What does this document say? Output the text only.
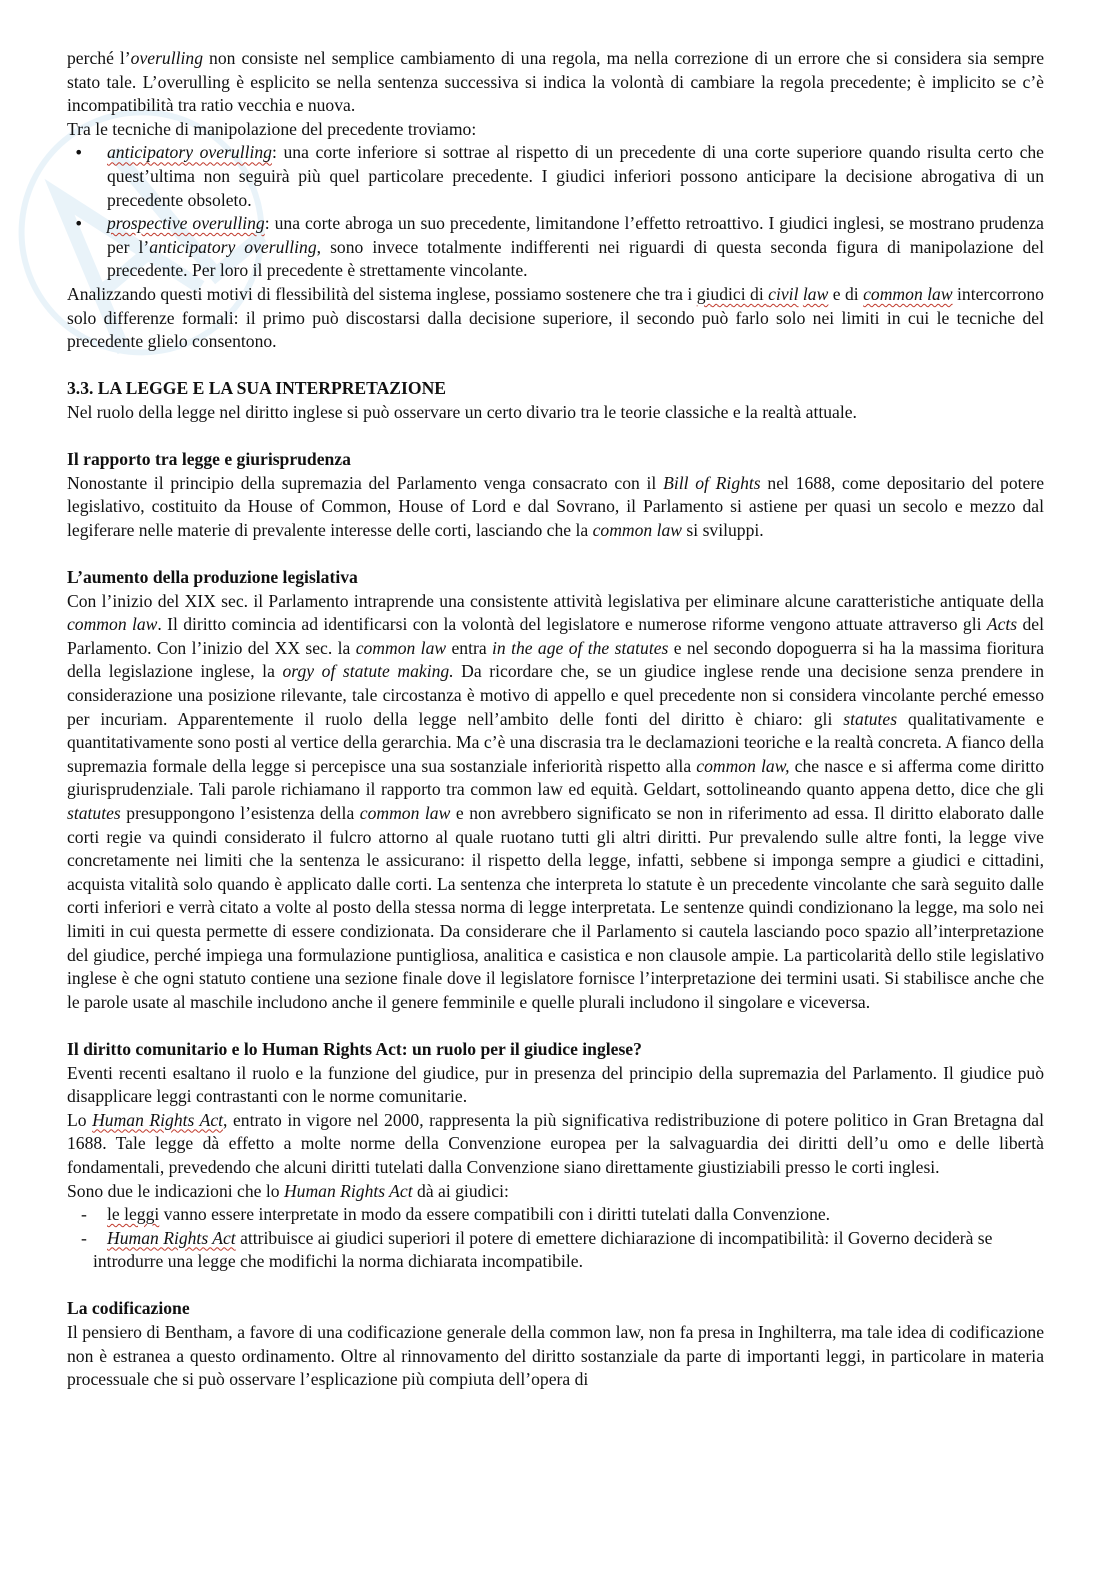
perché l’overulling non consiste nel semplice cambiamento di una regola, ma nella correzione di un errore che si considera sia sempre stato tale. L’overulling è esplicito se nella sentenza successiva si indica la volontà di cambiare la regola precedente; è implicito se c’è incompatibilità tra ratio vecchia e nuova.

Tra le tecniche di manipolazione del precedente troviamo:

• anticipatory overulling: una corte inferiore si sottrae al rispetto di un precedente di una corte superiore quando risulta certo che quest’ultima non seguirà più quel particolare precedente. I giudici inferiori possono anticipare la decisione abrogativa di un precedente obsoleto.
• prospective overulling: una corte abroga un suo precedente, limitandone l’effetto retroattivo. I giudici inglesi, se mostrano prudenza per l’anticipatory overulling, sono invece totalmente indifferenti nei riguardi di questa seconda figura di manipolazione del precedente. Per loro il precedente è strettamente vincolante.

Analizzando questi motivi di flessibilità del sistema inglese, possiamo sostenere che tra i giudici di civil law e di common law intercorrono solo differenze formali: il primo può discostarsi dalla decisione superiore, il secondo può farlo solo nei limiti in cui le tecniche del precedente glielo consentono.

3.3. LA LEGGE E LA SUA INTERPRETAZIONE

Nel ruolo della legge nel diritto inglese si può osservare un certo divario tra le teorie classiche e la realtà attuale.

Il rapporto tra legge e giurisprudenza

Nonostante il principio della supremazia del Parlamento venga consacrato con il Bill of Rights nel 1688, come depositario del potere legislativo, costituito da House of Common, House of Lord e dal Sovrano, il Parlamento si astiene per quasi un secolo e mezzo dal legiferare nelle materie di prevalente interesse delle corti, lasciando che la common law si sviluppi.

L’aumento della produzione legislativa

Con l’inizio del XIX sec. il Parlamento intraprende una consistente attività legislativa per eliminare alcune caratteristiche antiquate della common law. Il diritto comincia ad identificarsi con la volontà del legislatore e numerose riforme vengono attuate attraverso gli Acts del Parlamento. Con l’inizio del XX sec. la common law entra in the age of the statutes e nel secondo dopoguerra si ha la massima fioritura della legislazione inglese, la orgy of statute making. Da ricordare che, se un giudice inglese rende una decisione senza prendere in considerazione una posizione rilevante, tale circostanza è motivo di appello e quel precedente non si considera vincolante perché emesso per incuriam. Apparentemente il ruolo della legge nell’ambito delle fonti del diritto è chiaro: gli statutes qualitativamente e quantitativamente sono posti al vertice della gerarchia. Ma c’è una discrasia tra le declamazioni teoriche e la realtà concreta. A fianco della supremazia formale della legge si percepisce una sua sostanziale inferiorità rispetto alla common law, che nasce e si afferma come diritto giurisprudenziale. Tali parole richiamano il rapporto tra common law ed equità. Geldart, sottolineando quanto appena detto, dice che gli statutes presuppongono l’esistenza della common law e non avrebbero significato se non in riferimento ad essa. Il diritto elaborato dalle corti regie va quindi considerato il fulcro attorno al quale ruotano tutti gli altri diritti. Pur prevalendo sulle altre fonti, la legge vive concretamente nei limiti che la sentenza le assicurano: il rispetto della legge, infatti, sebbene si imponga sempre a giudici e cittadini, acquista vitalità solo quando è applicato dalle corti. La sentenza che interpreta lo statute è un precedente vincolante che sarà seguito dalle corti inferiori e verrà citato a volte al posto della stessa norma di legge interpretata. Le sentenze quindi condizionano la legge, ma solo nei limiti in cui questa permette di essere condizionata. Da considerare che il Parlamento si cautela lasciando poco spazio all’interpretazione del giudice, perché impiega una formulazione puntigliosa, analitica e casistica e non clausole ampie. La particolarità dello stile legislativo inglese è che ogni statuto contiene una sezione finale dove il legislatore fornisce l’interpretazione dei termini usati. Si stabilisce anche che le parole usate al maschile includono anche il genere femminile e quelle plurali includono il singolare e viceversa.

Il diritto comunitario e lo Human Rights Act: un ruolo per il giudice inglese?

Eventi recenti esaltano il ruolo e la funzione del giudice, pur in presenza del principio della supremazia del Parlamento. Il giudice può disapplicare leggi contrastanti con le norme comunitarie.

Lo Human Rights Act, entrato in vigore nel 2000, rappresenta la più significativa redistribuzione di potere politico in Gran Bretagna dal 1688. Tale legge dà effetto a molte norme della Convenzione europea per la salvaguardia dei diritti dell’u omo e delle libertà fondamentali, prevedendo che alcuni diritti tutelati dalla Convenzione siano direttamente giustiziabili presso le corti inglesi.

Sono due le indicazioni che lo Human Rights Act dà ai giudici:

- le leggi vanno essere interpretate in modo da essere compatibili con i diritti tutelati dalla Convenzione.
- Human Rights Act attribuisce ai giudici superiori il potere di emettere dichiarazione di incompatibilità: il Governo deciderà se introdurre una legge che modifichi la norma dichiarata incompatibile.
La codificazione

Il pensiero di Bentham, a favore di una codificazione generale della common law, non fa presa in Inghilterra, ma tale idea di codificazione non è estranea a questo ordinamento. Oltre al rinnovamento del diritto sostanziale da parte di importanti leggi, in particolare in materia processuale che si può osservare l’esplicazione più compiuta dell’opera di
